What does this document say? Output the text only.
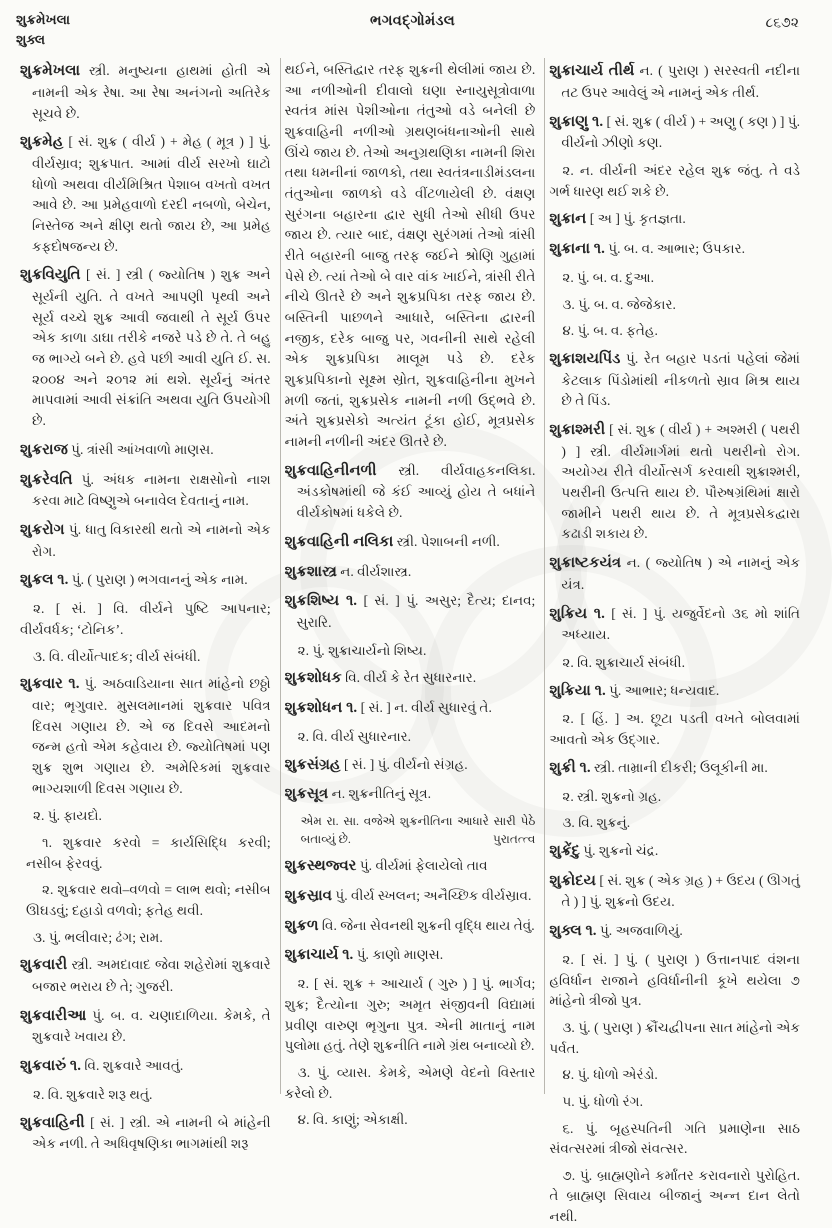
શુક્રમેખલા
શુક્લ
ભગવદ્ગોમંડલ	૮૬૭૨

શુક્રમેખલા સ્ત્રી. મનુષ્યના હાથમાં હોતી એ નામની એક રેષા. આ રેષા અનંગનો અતિરેક સૂચવે છે.

શુક્રમેહ [ સં. શુક્ર ( વીર્ય ) + મેહ ( મૂત્ર ) ] પું. વીર્યસ્રાવ; શુક્રપાત. આમાં વીર્ય સરખો ઘાટો ધોળો અથવા વીર્યમિશ્રિત પેશાબ વખતો વખત આવે છે. આ પ્રમેહવાળો દરદી નબળો, બેચેન, નિસ્તેજ અને ક્ષીણ થતો જાય છે, આ પ્રમેહ કફદોષજન્ય છે.

શુક્રવિયુતિ [ સં. ] સ્ત્રી ( જ્યોતિષ ) શુક્ર અને સૂર્યની યુતિ. તે વખતે આપણી પૃથ્વી અને સૂર્ય વચ્ચે શુક્ર આવી જવાથી તે સૂર્ય ઉપર એક કાળા ડાઘા તરીકે નજરે પડે છે તે. તે બહુ જ ભાગ્યે બને છે. હવે પછી આવી યુતિ ઈ. સ. ૨૦૦૪ અને ૨૦૧૨ માં થશે. સૂર્યનું અંતર માપવામાં આવી સંક્રાંતિ અથવા યુતિ ઉપયોગી છે.

શુક્રરાજ પું. ત્રાંસી આંખવાળો માણસ.

શુક્રરેવતિ પું. અંધક નામના રાક્ષસોનો નાશ કરવા માટે વિષ્ણુએ બનાવેલ દેવતાનું નામ.

શુક્રરોગ પું. ધાતુ વિકારથી થતો એ નામનો એક રોગ.

શુક્રલ ૧. પું. ( પુરાણ ) ભગવાનનું એક નામ.

૨. [ સં. ] વિ. વીર્યને પુષ્ટિ આપનાર; વીર્યવર્ધક; ‘ટોનિક’.

૩. વિ. વીર્યોત્પાદક; વીર્ય સંબંધી.

શુક્રવાર ૧. પું. અઠવાડિયાના સાત માંહેનો છઠ્ઠો વાર; ભૃગુવાર. મુસલમાનમાં શુક્રવાર પવિત્ર દિવસ ગણાય છે. એ જ દિવસે આદમનો જન્મ હતો એમ કહેવાય છે. જ્યોતિષમાં પણ શુક્ર શુભ ગણાય છે. અમેરિકમાં શુક્રવાર ભાગ્યશાળી દિવસ ગણાય છે.

૨. પું. ફાયદો.

૧. શુક્રવાર કરવો = કાર્યસિદ્ધિ કરવી; નસીબ ફેરવવું.

૨. શુક્રવાર થવો–વળવો = લાભ થવો; નસીબ ઊઘડવું; દહાડો વળવો; ફતેહ થવી.

૩. પું. ભલીવાર; ઢંગ; રામ.

શુક્રવારી સ્ત્રી. અમદાવાદ જેવા શહેરોમાં શુક્રવારે બજાર ભરાય છે તે; ગુજરી.

શુક્રવારીઆ પું. બ. વ. ચણાદાળિયા. કેમકે, તે શુક્રવારે ખવાય છે.

શુક્રવારું ૧. વિ. શુક્રવારે આવતું.

૨. વિ. શુક્રવારે શરૂ થતું.

શુક્રવાહિની [ સં. ] સ્ત્રી. એ નામની બે માંહેની એક નળી. તે અધિવૃષણિકા ભાગમાંથી શરૂ

થઈને, બસ્તિદ્વાર તરફ શુક્રની થેલીમાં જાય છે. આ નળીઓની દીવાલો ઘણા સ્નાયુસૂત્રોવાળા સ્વતંત્ર માંસ પેશીઓના તંતુઓ વડે બનેલી છે શુક્રવાહિની નળીઓ ગ્રથણબંધનાઓની સાથે ઊંચે જાય છે. તેઓ અનુગ્રથણિકા નામની શિરા તથા ધમનીનાં જાળકો, તથા સ્વતંત્રનાડીમંડલના તંતુઓના જાળકો વડે વીંટળાયેલી છે. વંક્ષણ સુરંગના બહારના દ્વાર સુધી તેઓ સીધી ઉપર જાય છે. ત્યાર બાદ, વંક્ષણ સુરંગમાં તેઓ ત્રાંસી રીતે બહારની બાજુ તરફ જઈને શ્રોણિ ગુહામાં પેસે છે. ત્યાં તેઓ બે વાર વાંક ખાઈને, ત્રાંસી રીતે નીચે ઊતરે છે અને શુક્રપ્રપિકા તરફ જાય છે. બસ્તિની પાછળને આધારે, બસ્તિના દ્વારની નજીક, દરેક બાજુ પર, ગવનીની સાથે રહેલી એક શુક્રપ્રપિકા માલૂમ પડે છે. દરેક શુક્રપ્રપિકાનો સૂક્ષ્મ સ્રોત, શુક્રવાહિનીના મુખને મળી જતાં, શુક્રપ્રસેક નામની નળી ઉદ્ભવે છે. અંતે શુક્રપ્રસેકો અત્યંત ટૂંકા હોઈ, મૂત્રપ્રસેક નામની નળીની અંદર ઊતરે છે.

શુક્રવાહિનીનળી સ્ત્રી. વીર્યવાહકનલિકા. અંડકોષમાંથી જે કંઈ આવ્યું હોય તે બધાંને વીર્યકોષમાં ધકેલે છે.

શુક્રવાહિની નલિકા સ્ત્રી. પેશાબની નળી.

શુક્રશાસ્ત્ર ન. વીર્યશાસ્ત્ર.

શુક્રશિષ્ય ૧. [ સં. ] પું. અસુર; દૈત્ય; દાનવ; સુરારિ.

૨. પું. શુક્રાચાર્યનો શિષ્ય.

શુક્રશોધક વિ. વીર્ય કે રેત સુધારનાર.

શુક્રશોધન ૧. [ સં. ] ન. વીર્ય સુધારવું તે.

૨. વિ. વીર્ય સુધારનાર.

શુક્રસંગ્રહ [ સં. ] પું. વીર્યનો સંગ્રહ.

શુક્રસૂત્ર ન. શુક્રનીતિનું સૂત્ર.

એમ રા. સા. વજેએ શુક્રનીતિના આધારે સારી પેઠે બતાવ્યું છે.	પુરાતત્ત્વ

શુક્રસ્થજ્વર પું. વીર્યમાં ફેલાયેલો તાવ

શુક્રસ્રાવ પું. વીર્ય સ્ખલન; અનૈચ્છિક વીર્યસ્રાવ.

શુક્રળ વિ. જેના સેવનથી શુક્રની વૃદ્ધિ થાય તેવું.

શુક્રાચાર્ય ૧. પું. કાણો માણસ.

૨. [ સં. શુક્ર + આચાર્ય ( ગુરુ ) ] પું. ભાર્ગવ; શુક્ર; દૈત્યોના ગુરુ; અમૃત સંજીવની વિદ્યામાં પ્રવીણ વારુણ ભૃગુના પુત્ર. એની માતાનું નામ પુલોમા હતું. તેણે શુક્રનીતિ નામે ગ્રંથ બનાવ્યો છે.

૩. પું. વ્યાસ. કેમકે, એમણે વેદનો વિસ્તાર કરેલો છે.

૪. વિ. કાણું; એકાક્ષી.

શુક્રાચાર્ય તીર્થ ન. ( પુરાણ ) સરસ્વતી નદીના તટ ઉપર આવેલું એ નામનું એક તીર્થ.

શુક્રાણુ ૧. [ સં. શુક્ર ( વીર્ય ) + અણુ ( કણ ) ] પું. વીર્યનો ઝીણો કણ.

૨. ન. વીર્યની અંદર રહેલ શુક્ર જંતુ. તે વડે ગર્ભ ધારણ થઈ શકે છે.

શુક્રાન [ અ ] પું. કૃતજ્ઞતા.

શુક્રાના ૧. પું. બ. વ. આભાર; ઉપકાર.

૨. પું. બ. વ. દુઆ.

૩. પું. બ. વ. જેજેકાર.

૪. પું. બ. વ. ફતેહ.

શુક્રાશયપિંડ પું. રેત બહાર પડતાં પહેલાં જેમાં કેટલાક પિંડોમાંથી નીકળતો સ્રાવ મિશ્ર થાય છે તે પિંડ.

શુક્રાશ્મરી [ સં. શુક્ર ( વીર્ય ) + અશ્મરી ( પથરી ) ] સ્ત્રી. વીર્યમાર્ગમાં થતો પથરીનો રોગ. અયોગ્ય રીતે વીર્યોત્સર્ગ કરવાથી શુક્રાશ્મરી, પથરીની ઉત્પત્તિ થાય છે. પૌરુષગ્રંથિમાં ક્ષારો જામીને પથરી થાય છે. તે મૂત્રપ્રસેકદ્વારા કઢાડી શકાય છે.

શુક્રાષ્ટકયંત્ર ન. ( જ્યોતિષ ) એ નામનું એક યંત્ર.

શુક્રિય ૧. [ સં. ] પું. યજુર્વેદનો ૩૬ મો શાંતિ અધ્યાય.

૨. વિ. શુક્રાચાર્ય સંબંધી.

શુક્રિયા ૧. પું. આભાર; ધન્યવાદ.

૨. [ હિં. ] અ. છૂટા પડતી વખતે બોલવામાં આવતો એક ઉદ્ગાર.

શુક્રી ૧. સ્ત્રી. તામ્રાની દીકરી; ઉલૂકીની મા.

૨. સ્ત્રી. શુક્રનો ગ્રહ.

૩. વિ. શુક્રનું.

શુક્રેંદુ પું. શુક્રનો ચંદ્ર.

શુક્રોદય [ સં. શુક્ર ( એક ગ્રહ ) + ઉદય ( ઊગતું તે ) ] પું. શુક્રનો ઉદય.

શુક્લ ૧. પું. અજવાળિયું.

૨. [ સં. ] પું. ( પુરાણ ) ઉત્તાનપાદ વંશના હવિર્ધાન રાજાને હવિર્ધાનીની કૂખે થયેલા ૭ માંહેનો ત્રીજો પુત્ર.

૩. પું. ( પુરાણ ) ક્રૌંચદ્વીપના સાત માંહેનો એક પર્વત.

૪. પું. ધોળો એરંડો.

૫. પું. ધોળો રંગ.

૬. પું. બૃહસ્પતિની ગતિ પ્રમાણેના સાઠ સંવત્સરમાં ત્રીજો સંવત્સર.

૭. પું. બ્રાહ્મણોને કર્માંતર કરાવનારો પુરોહિત. તે બ્રાહ્મણ સિવાય બીજાનું અન્ન દાન લેતો નથી.
